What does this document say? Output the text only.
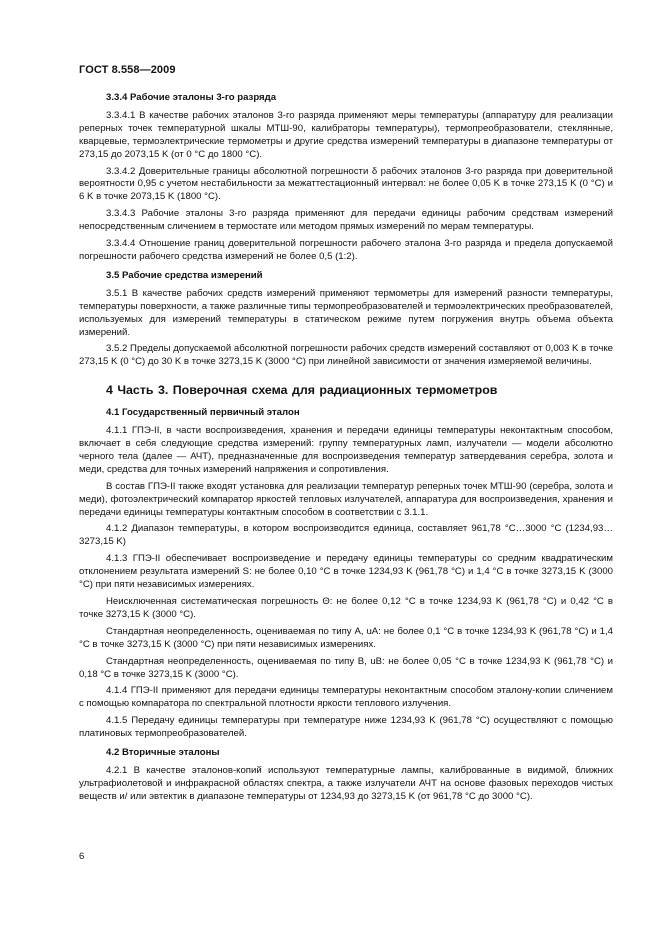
ГОСТ 8.558—2009
3.3.4 Рабочие эталоны 3-го разряда
3.3.4.1 В качестве рабочих эталонов 3-го разряда применяют меры температуры (аппаратуру для реализации реперных точек температурной шкалы МТШ-90, калибраторы температуры), термопреобразователи, стеклянные, кварцевые, термоэлектрические термометры и другие средства измерений температуры в диапазоне температуры от 273,15 до 2073,15 K (от 0 °C до 1800 °C).
3.3.4.2 Доверительные границы абсолютной погрешности δ рабочих эталонов 3-го разряда при доверительной вероятности 0,95 с учетом нестабильности за межаттестационный интервал: не более 0,05 K в точке 273,15 K (0 °C) и 6 K в точке 2073,15 K (1800 °C).
3.3.4.3 Рабочие эталоны 3-го разряда применяют для передачи единицы рабочим средствам измерений непосредственным сличением в термостате или методом прямых измерений по мерам температуры.
3.3.4.4 Отношение границ доверительной погрешности рабочего эталона 3-го разряда и предела допускаемой погрешности рабочего средства измерений не более 0,5 (1:2).
3.5 Рабочие средства измерений
3.5.1 В качестве рабочих средств измерений применяют термометры для измерений разности температуры, температуры поверхности, а также различные типы термопреобразователей и термоэлектрических преобразователей, используемых для измерений температуры в статическом режиме путем погружения внутрь объема объекта измерений.
3.5.2 Пределы допускаемой абсолютной погрешности рабочих средств измерений составляют от 0,003 K в точке 273,15 K (0 °C) до 30 K в точке 3273,15 K (3000 °C) при линейной зависимости от значения измеряемой величины.
4 Часть 3. Поверочная схема для радиационных термометров
4.1 Государственный первичный эталон
4.1.1 ГПЭ-II, в части воспроизведения, хранения и передачи единицы температуры неконтактным способом, включает в себя следующие средства измерений: группу температурных ламп, излучатели — модели абсолютно черного тела (далее — АЧТ), предназначенные для воспроизведения температур затвердевания серебра, золота и меди, средства для точных измерений напряжения и сопротивления.
В состав ГПЭ-II также входят установка для реализации температур реперных точек МТШ-90 (серебра, золота и меди), фотоэлектрический компаратор яркостей тепловых излучателей, аппаратура для воспроизведения, хранения и передачи единицы температуры контактным способом в соответствии с 3.1.1.
4.1.2 Диапазон температуры, в котором воспроизводится единица, составляет 961,78 °C…3000 °C (1234,93…3273,15 K)
4.1.3 ГПЭ-II обеспечивает воспроизведение и передачу единицы температуры со средним квадратическим отклонением результата измерений S: не более 0,10 °C в точке 1234,93 K (961,78 °C) и 1,4 °C в точке 3273,15 K (3000 °C) при пяти независимых измерениях.
Неисключенная систематическая погрешность Θ: не более 0,12 °C в точке 1234,93 K (961,78 °C) и 0,42 °C в точке 3273,15 K (3000 °C).
Стандартная неопределенность, оцениваемая по типу А, uA: не более 0,1 °C в точке 1234,93 K (961,78 °C) и 1,4 °C в точке 3273,15 K (3000 °C) при пяти независимых измерениях.
Стандартная неопределенность, оцениваемая по типу B, uB: не более 0,05 °C в точке 1234,93 K (961,78 °C) и 0,18 °C в точке 3273,15 K (3000 °C).
4.1.4 ГПЭ-II применяют для передачи единицы температуры неконтактным способом эталону-копии сличением с помощью компаратора по спектральной плотности яркости теплового излучения.
4.1.5 Передачу единицы температуры при температуре ниже 1234,93 K (961,78 °C) осуществляют с помощью платиновых термопреобразователей.
4.2 Вторичные эталоны
4.2.1 В качестве эталонов-копий используют температурные лампы, калиброванные в видимой, ближних ультрафиолетовой и инфракрасной областях спектра, а также излучатели АЧТ на основе фазовых переходов чистых веществ и/ или эвтектик в диапазоне температуры от 1234,93 до 3273,15 K (от 961,78 °C до 3000 °C).
6
